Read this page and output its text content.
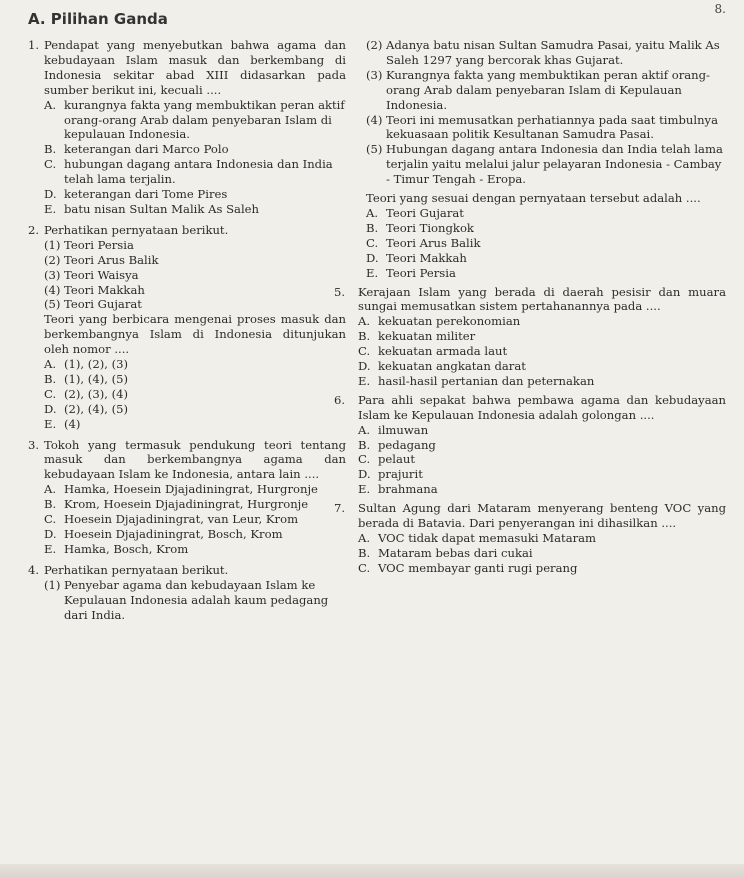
8.
A. Pilihan Ganda
1. Pendapat yang menyebutkan bahwa agama dan kebudayaan Islam masuk dan berkembang di Indonesia sekitar abad XIII didasarkan pada sumber berikut ini, kecuali ....
A. kurangnya fakta yang membuktikan peran aktif orang-orang Arab dalam penyebaran Islam di kepulauan Indonesia.
B. keterangan dari Marco Polo
C. hubungan dagang antara Indonesia dan India telah lama terjalin.
D. keterangan dari Tome Pires
E. batu nisan Sultan Malik As Saleh
2. Perhatikan pernyataan berikut.
(1) Teori Persia
(2) Teori Arus Balik
(3) Teori Waisya
(4) Teori Makkah
(5) Teori Gujarat
Teori yang berbicara mengenai proses masuk dan berkembangnya Islam di Indonesia ditunjukan oleh nomor ....
A. (1), (2), (3)
B. (1), (4), (5)
C. (2), (3), (4)
D. (2), (4), (5)
E. (4)
3. Tokoh yang termasuk pendukung teori tentang masuk dan berkembangnya agama dan kebudayaan Islam ke Indonesia, antara lain ....
A. Hamka, Hoesein Djajadiningrat, Hurgronje
B. Krom, Hoesein Djajadiningrat, Hurgronje
C. Hoesein Djajadiningrat, van Leur, Krom
D. Hoesein Djajadiningrat, Bosch, Krom
E. Hamka, Bosch, Krom
4. Perhatikan pernyataan berikut.
(1) Penyebar agama dan kebudayaan Islam ke Kepulauan Indonesia adalah kaum pedagang dari India.
(2) Adanya batu nisan Sultan Samudra Pasai, yaitu Malik As Saleh 1297 yang bercorak khas Gujarat.
(3) Kurangnya fakta yang membuktikan peran aktif orang-orang Arab dalam penyebaran Islam di Kepulauan Indonesia.
(4) Teori ini memusatkan perhatiannya pada saat timbulnya kekuasaan politik Kesultanan Samudra Pasai.
(5) Hubungan dagang antara Indonesia dan India telah lama terjalin yaitu melalui jalur pelayaran Indonesia - Cambay - Timur Tengah - Eropa.
Teori yang sesuai dengan pernyataan tersebut adalah ....
A. Teori Gujarat
B. Teori Tiongkok
C. Teori Arus Balik
D. Teori Makkah
E. Teori Persia
5.	Kerajaan Islam yang berada di daerah pesisir dan muara sungai memusatkan sistem pertahanannya pada ....
A. kekuatan perekonomian
B. kekuatan militer
C. kekuatan armada laut
D. kekuatan angkatan darat
E. hasil-hasil pertanian dan peternakan
6.	Para ahli sepakat bahwa pembawa agama dan kebudayaan Islam ke Kepulauan Indonesia adalah golongan ....
A. ilmuwan
B. pedagang
C. pelaut
D. prajurit
E. brahmana
7.	Sultan Agung dari Mataram menyerang benteng VOC yang berada di Batavia. Dari penyerangan ini dihasilkan ....
A. VOC tidak dapat memasuki Mataram
B. Mataram bebas dari cukai
C. VOC membayar ganti rugi perang
